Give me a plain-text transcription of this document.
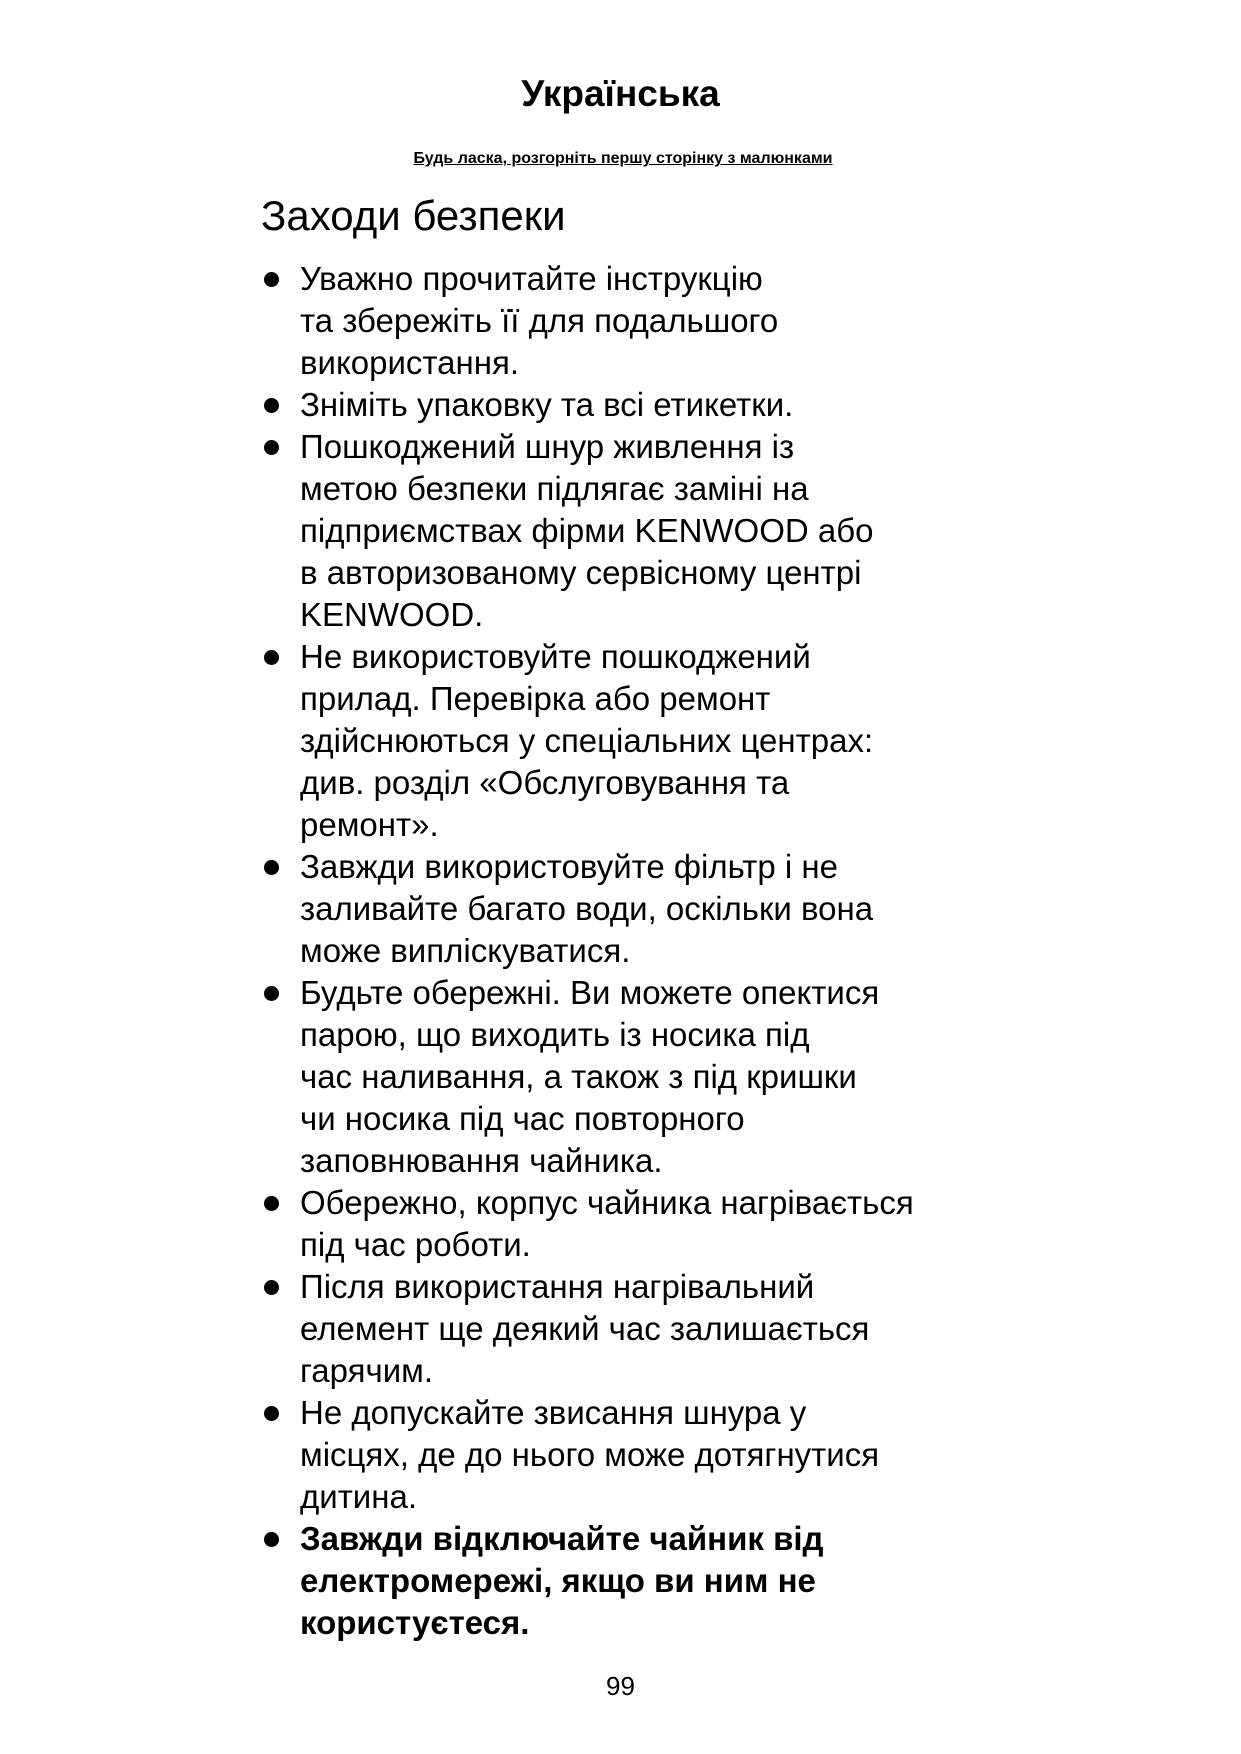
Українська
Будь ласка, розгорніть першу сторінку з малюнками
Заходи безпеки
Уважно прочитайте інструкцію
та збережіть її для подальшого
використання.
Зніміть упаковку та всі етикетки.
Пошкоджений шнур живлення із
метою безпеки підлягає заміні на
підприємствах фірми KENWOOD або
в авторизованому сервісному центрі
KENWOOD.
Не використовуйте пошкоджений
прилад. Перевірка або ремонт
здійснюються у спеціальних центрах:
див. розділ «Обслуговування та
ремонт».
Завжди використовуйте фільтр і не
заливайте багато води, оскільки вона
може виплiскуватися.
Будьте обережні. Ви можете опектися
парою, що виходить із носика під
час наливання, а також з під кришки
чи носика під час повторного
заповнювання чайника.
Обережно, корпус чайника нагрівається
під час роботи.
Після використання нагрівальний
елемент ще деякий час залишається
гарячим.
Не допускайте звисання шнура у
місцях, де до нього може дотягнутися
дитина.
Завжди відключайте чайник від
електромережі, якщо ви ним не
користуєтеся.
99
